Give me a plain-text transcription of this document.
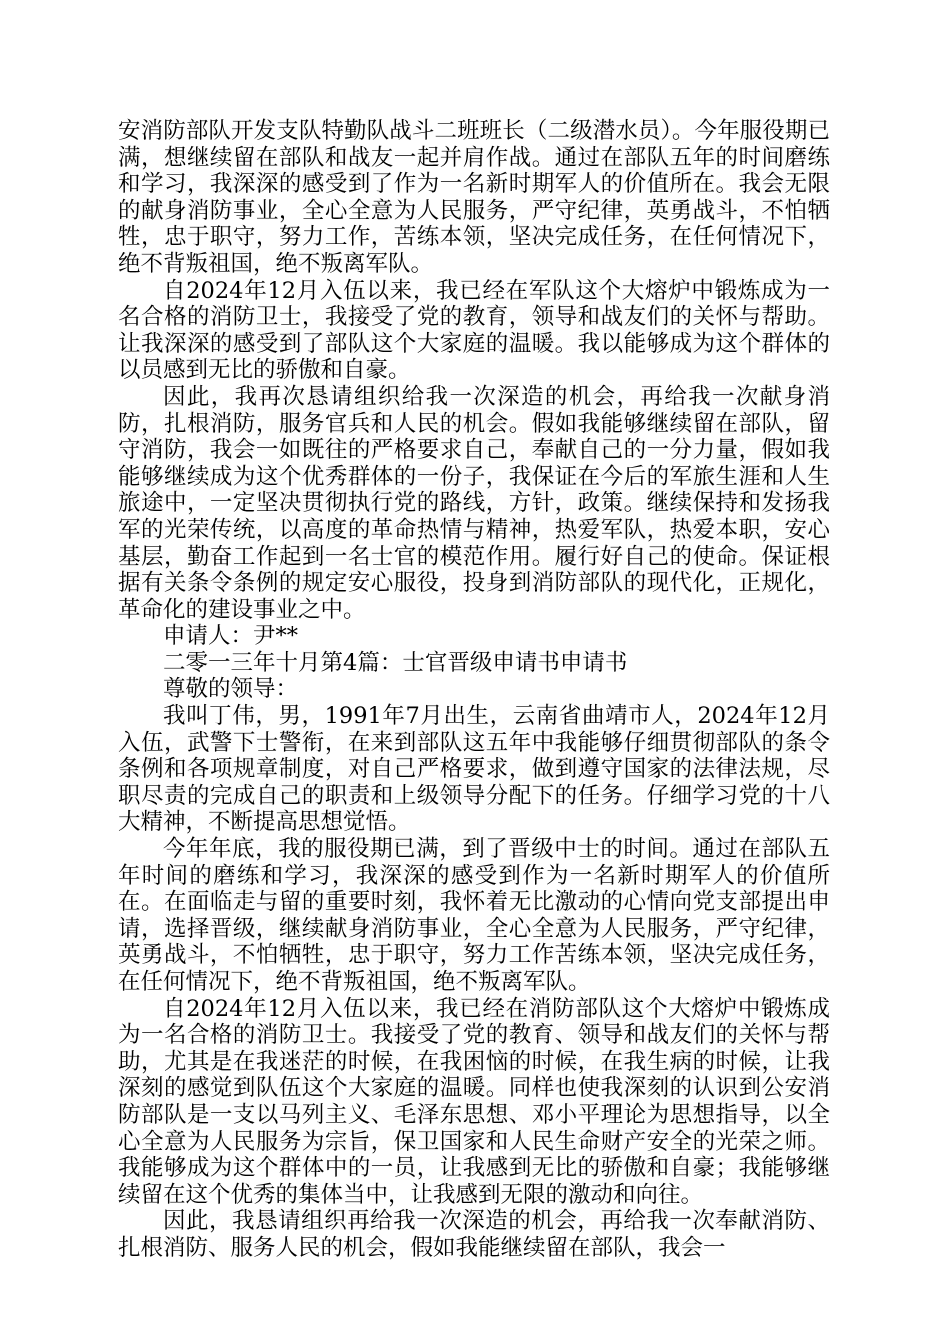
安消防部队开发支队特勤队战斗二班班长（二级潜水员）。今年服役期已满，想继续留在部队和战友一起并肩作战。通过在部队五年的时间磨练和学习，我深深的感受到了作为一名新时期军人的价值所在。我会无限的献身消防事业，全心全意为人民服务，严守纪律，英勇战斗，不怕牺牲，忠于职守，努力工作，苦练本领，坚决完成任务，在任何情况下，绝不背叛祖国，绝不叛离军队。

自2024年12月入伍以来，我已经在军队这个大熔炉中锻炼成为一名合格的消防卫士，我接受了党的教育，领导和战友们的关怀与帮助。让我深深的感受到了部队这个大家庭的温暖。我以能够成为这个群体的以员感到无比的骄傲和自豪。

因此，我再次恳请组织给我一次深造的机会，再给我一次献身消防，扎根消防，服务官兵和人民的机会。假如我能够继续留在部队，留守消防，我会一如既往的严格要求自己，奉献自己的一分力量，假如我能够继续成为这个优秀群体的一份子，我保证在今后的军旅生涯和人生旅途中，一定坚决贯彻执行党的路线，方针，政策。继续保持和发扬我军的光荣传统，以高度的革命热情与精神，热爱军队，热爱本职，安心基层，勤奋工作起到一名士官的模范作用。履行好自己的使命。保证根据有关条令条例的规定安心服役，投身到消防部队的现代化，正规化，革命化的建设事业之中。

申请人：尹**

二零一三年十月第4篇：士官晋级申请书申请书

尊敬的领导：

我叫丁伟，男，1991年7月出生，云南省曲靖市人，2024年12月入伍，武警下士警衔，在来到部队这五年中我能够仔细贯彻部队的条令条例和各项规章制度，对自己严格要求，做到遵守国家的法律法规，尽职尽责的完成自己的职责和上级领导分配下的任务。仔细学习党的十八大精神，不断提高思想觉悟。

今年年底，我的服役期已满，到了晋级中士的时间。通过在部队五年时间的磨练和学习，我深深的感受到作为一名新时期军人的价值所在。在面临走与留的重要时刻，我怀着无比激动的心情向党支部提出申请，选择晋级，继续献身消防事业，全心全意为人民服务，严守纪律，英勇战斗，不怕牺牲，忠于职守，努力工作苦练本领，坚决完成任务，在任何情况下，绝不背叛祖国，绝不叛离军队。

自2024年12月入伍以来，我已经在消防部队这个大熔炉中锻炼成为一名合格的消防卫士。我接受了党的教育、领导和战友们的关怀与帮助，尤其是在我迷茫的时候，在我困恼的时候，在我生病的时候，让我深刻的感觉到队伍这个大家庭的温暖。同样也使我深刻的认识到公安消防部队是一支以马列主义、毛泽东思想、邓小平理论为思想指导，以全心全意为人民服务为宗旨，保卫国家和人民生命财产安全的光荣之师。我能够成为这个群体中的一员，让我感到无比的骄傲和自豪；我能够继续留在这个优秀的集体当中，让我感到无限的激动和向往。

因此，我恳请组织再给我一次深造的机会，再给我一次奉献消防、扎根消防、服务人民的机会，假如我能继续留在部队，我会一
